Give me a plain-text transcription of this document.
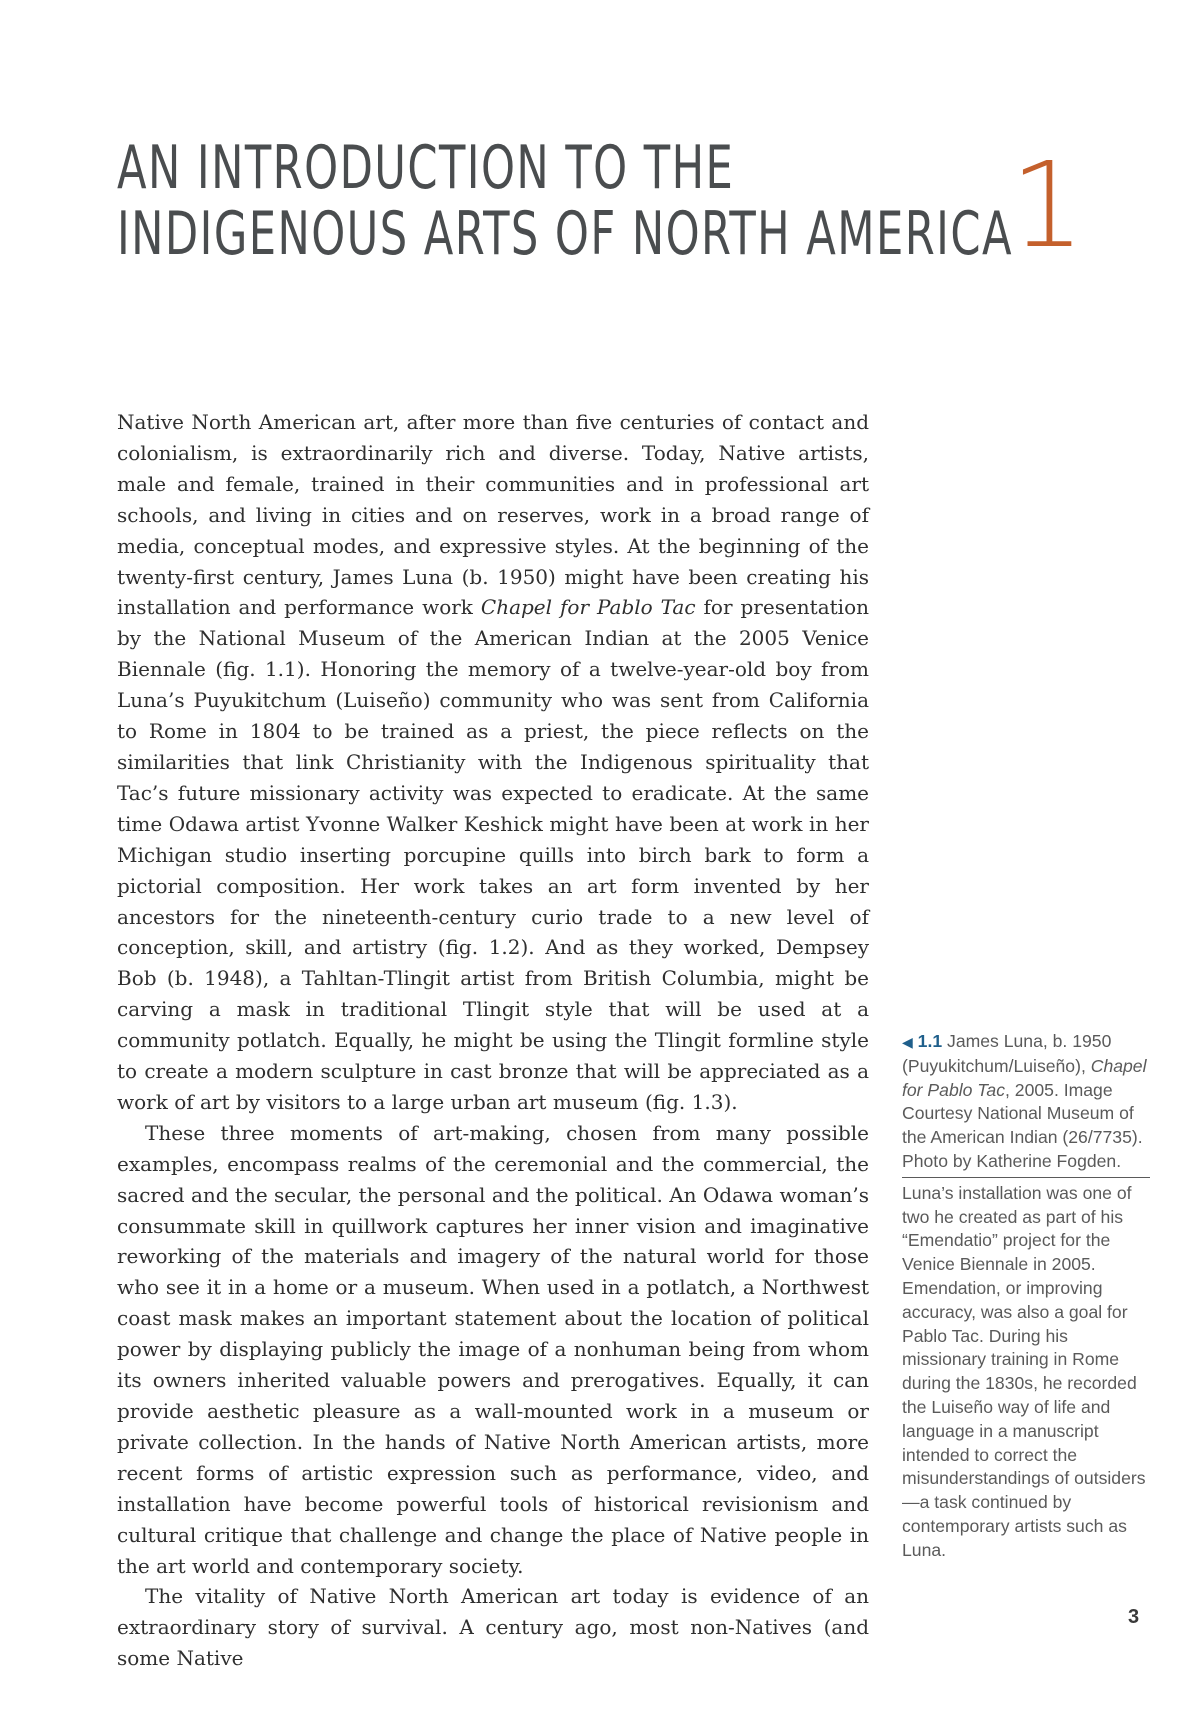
AN INTRODUCTION TO THE
INDIGENOUS ARTS OF NORTH AMERICA
1

Native North American art, after more than five centuries of contact and colonialism, is extraordinarily rich and diverse. Today, Native artists, male and female, trained in their communities and in professional art schools, and living in cities and on reserves, work in a broad range of media, conceptual modes, and expressive styles. At the beginning of the twenty-first century, James Luna (b. 1950) might have been creating his installation and performance work Chapel for Pablo Tac for presentation by the National Museum of the American Indian at the 2005 Venice Biennale (fig. 1.1). Honoring the memory of a twelve-year-old boy from Luna’s Puyukitchum (Luiseño) community who was sent from California to Rome in 1804 to be trained as a priest, the piece reflects on the similarities that link Christianity with the Indigenous spirituality that Tac’s future missionary activity was expected to eradicate. At the same time Odawa artist Yvonne Walker Keshick might have been at work in her Michigan studio inserting porcupine quills into birch bark to form a pictorial composition. Her work takes an art form invented by her ancestors for the nineteenth-century curio trade to a new level of conception, skill, and artistry (fig. 1.2). And as they worked, Dempsey Bob (b. 1948), a Tahltan-Tlingit artist from British Columbia, might be carving a mask in traditional Tlingit style that will be used at a community potlatch. Equally, he might be using the Tlingit formline style to create a modern sculpture in cast bronze that will be appreciated as a work of art by visitors to a large urban art museum (fig. 1.3).

These three moments of art-making, chosen from many possible examples, encompass realms of the ceremonial and the commercial, the sacred and the secular, the personal and the political. An Odawa woman’s consummate skill in quillwork captures her inner vision and imaginative reworking of the materials and imagery of the natural world for those who see it in a home or a museum. When used in a potlatch, a Northwest coast mask makes an important statement about the location of political power by displaying publicly the image of a nonhuman being from whom its owners inherited valuable powers and prerogatives. Equally, it can provide aesthetic pleasure as a wall-mounted work in a museum or private collection. In the hands of Native North American artists, more recent forms of artistic expression such as performance, video, and installation have become powerful tools of historical revisionism and cultural critique that challenge and change the place of Native people in the art world and contemporary society.

The vitality of Native North American art today is evidence of an extraordinary story of survival. A century ago, most non-Natives (and some Native

◀ 1.1 James Luna, b. 1950 (Puyukitchum/Luiseño), Chapel for Pablo Tac, 2005. Image Courtesy National Museum of the American Indian (26/7735). Photo by Katherine Fogden.
Luna’s installation was one of two he created as part of his “Emendatio” project for the Venice Biennale in 2005. Emendation, or improving accuracy, was also a goal for Pablo Tac. During his missionary training in Rome during the 1830s, he recorded the Luiseño way of life and language in a manuscript intended to correct the misunderstandings of outsiders—a task continued by contemporary artists such as Luna.
3
